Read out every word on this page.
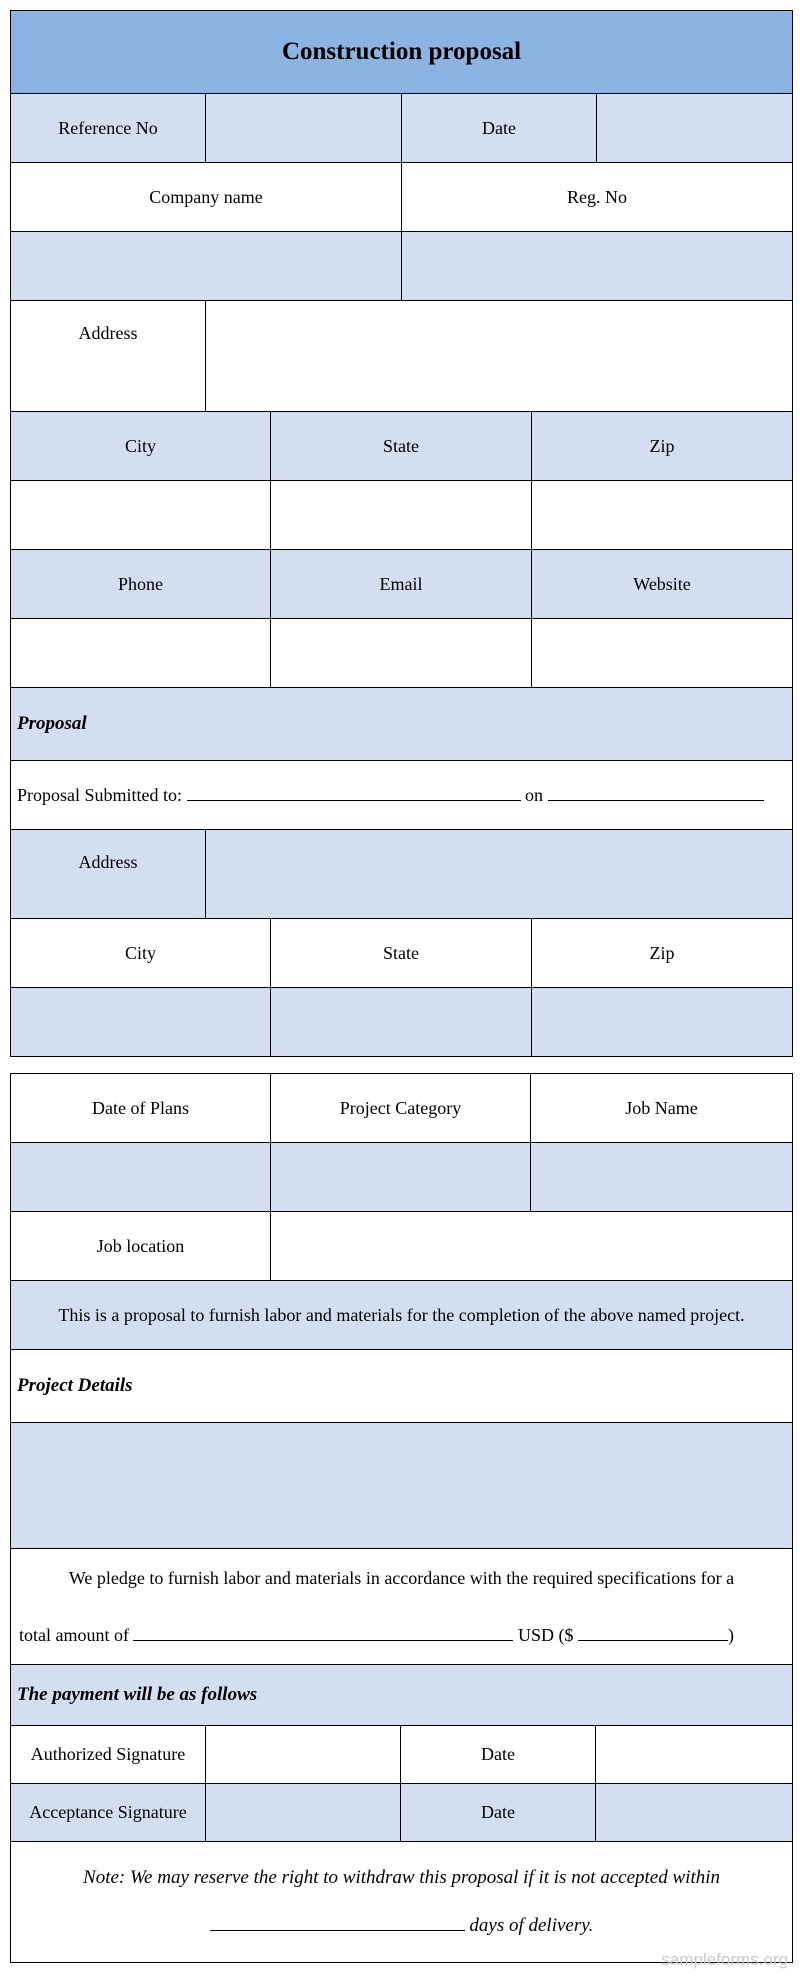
Construction proposal					
Reference No			Date		
Company name			Reg. No		

Address					
City		State		Zip	

Phone		Email		Website	

Proposal					
Proposal Submitted to: on					
Address					
City		State		Zip	

Date of Plans		Project Category		Job Name	

Job location					
This is a proposal to furnish labor and materials for the completion of the above named project.					
Project Details					

We pledge to furnish labor and materials in accordance with the required specifications for a
total amount of USD ($ )					

The payment will be as follows					
Authorized Signature			Date		
Acceptance Signature			Date		

Note: We may reserve the right to withdraw this proposal if it is not accepted within
days of delivery.					
sampleforms.org
